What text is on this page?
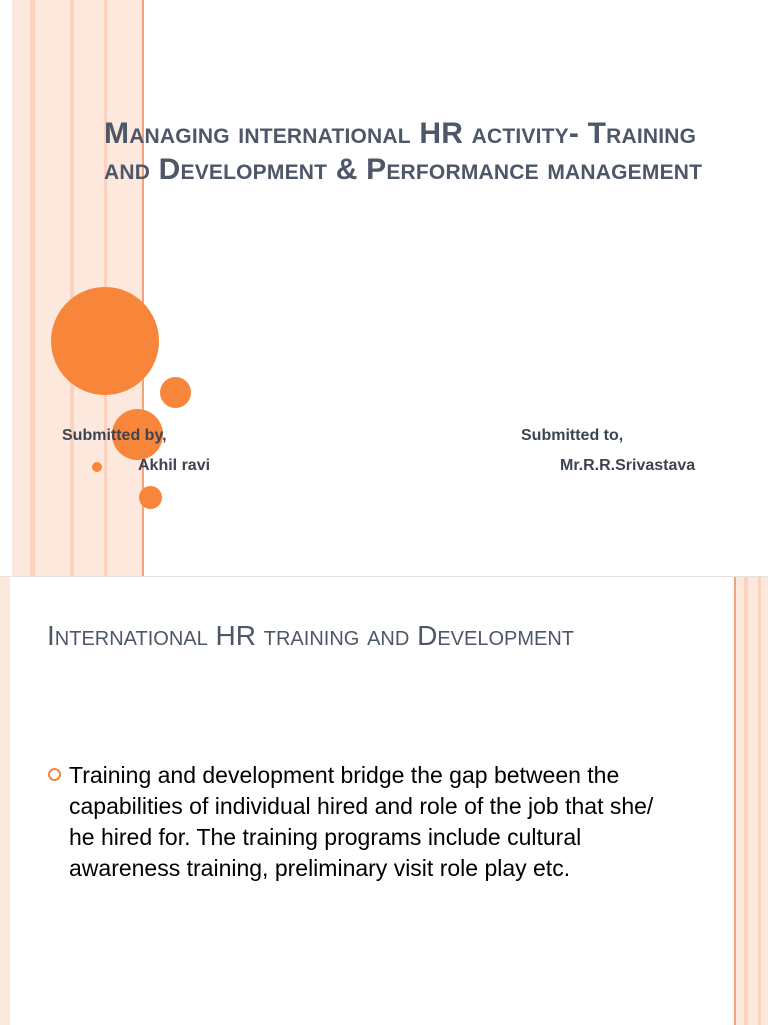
Managing international HR activity- Training and Development & Performance management
Submitted by,
Akhil ravi
Submitted to,
Mr.R.R.Srivastava
International HR training and Development

Training and development bridge the gap between the capabilities of individual hired and role of the job that she/ he hired for. The training programs include cultural awareness training, preliminary visit role play etc.
